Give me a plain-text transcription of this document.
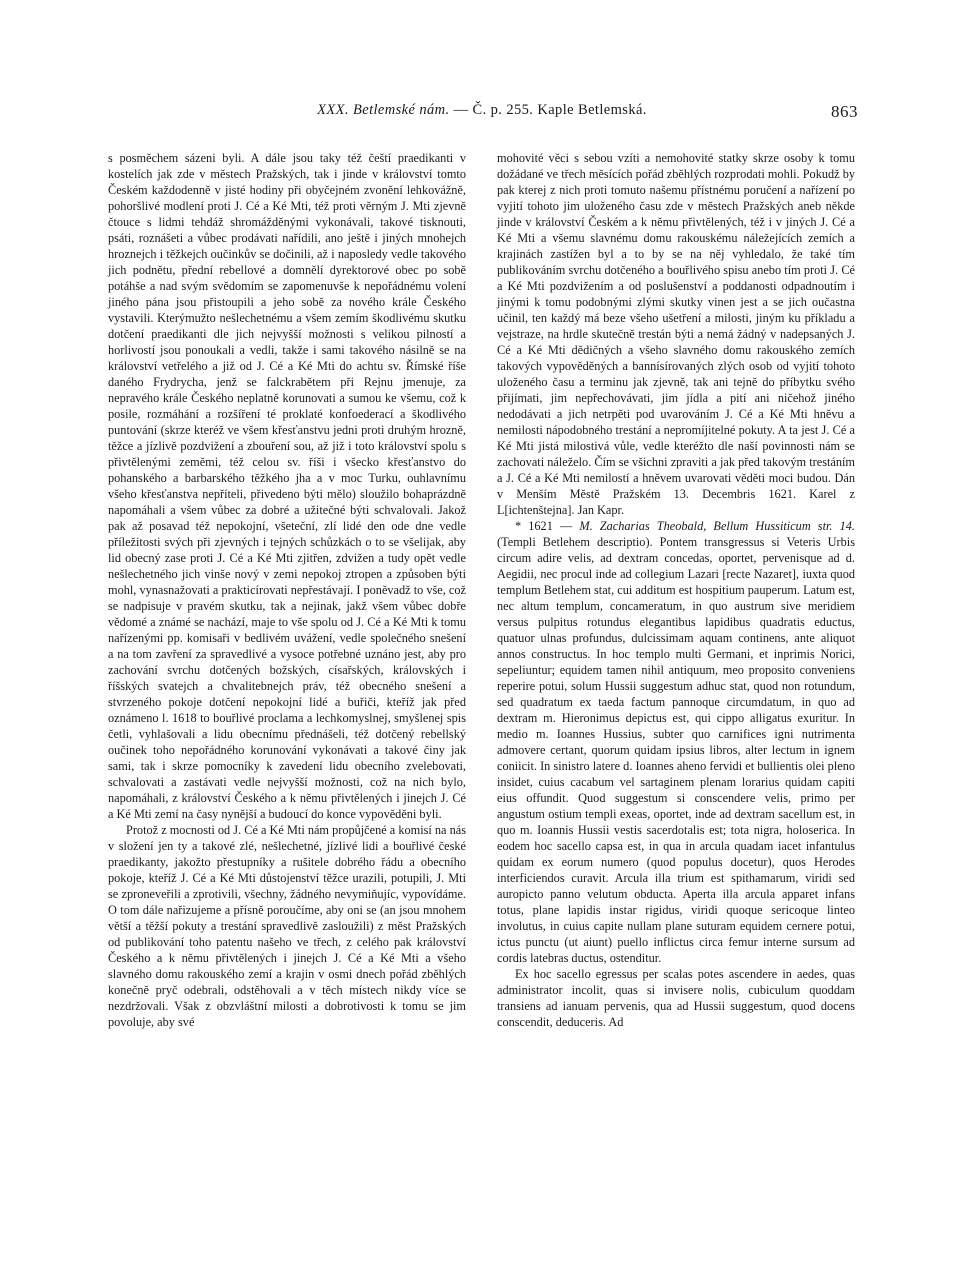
XXX. Betlemské nám. — Č. p. 255. Kaple Betlemská.	863

s posměchem sázeni byli. A dále jsou taky též čeští praedikanti v kostelích jak zde v městech Pražských, tak i jinde v království tomto Českém každodenně v jisté hodiny při obyčejném zvonění lehkovážně, pohoršlivé modlení proti J. Cé a Ké Mti, též proti věrným J. Mti zjevně čtouce s lidmi tehdáž shromážděnými vykonávali, takové tisknouti, psáti, roznášeti a vůbec prodávati nařídili, ano ještě i jiných mnohejch hroznejch i těžkejch oučinkův se dočinili, až i naposledy vedle takového jich podnětu, přední rebellové a domnělí dyrektorové obec po sobě potáhše a nad svým svědomím se zapomenuvše k nepořádnému volení jiného pána jsou přistoupili a jeho sobě za nového krále Českého vystavili. Kterýmužto nešlechetnému a všem zemím škodlivému skutku dotčení praedikanti dle jich nejvyšší možnosti s velikou pilností a horlivostí jsou ponoukali a vedli, takže i sami takového násilně se na království vetřelého a již od J. Cé a Ké Mti do achtu sv. Římské říše daného Frydrycha, jenž se falckrabětem při Rejnu jmenuje, za nepravého krále Českého neplatně korunovati a sumou ke všemu, což k posile, rozmáhání a rozšíření té proklaté konfoederací a škodlivého puntování (skrze kteréž ve všem křesťanstvu jedni proti druhým hrozně, těžce a jízlivě pozdvižení a zbouření sou, až již i toto království spolu s přivtělenými zeměmi, též celou sv. říši i všecko křesťanstvo do pohanského a barbarského těžkého jha a v moc Turku, ouhlavnímu všeho křesťanstva nepříteli, přivedeno býti mělo) sloužilo bohaprázdně napomáhali a všem vůbec za dobré a užitečné býti schvalovali. Jakož pak až posavad též nepokojní, všeteční, zlí lidé den ode dne vedle příležitosti svých při zjevných i tejných schůzkách o to se všelijak, aby lid obecný zase proti J. Cé a Ké Mti zjitřen, zdvižen a tudy opět vedle nešlechetného jich vinše nový v zemi nepokoj ztropen a způsoben býti mohl, vynasnažovati a prakticírovati nepřestávají. I poněvadž to vše, což se nadpisuje v pravém skutku, tak a nejinak, jakž všem vůbec dobře vědomé a známé se nachází, maje to vše spolu od J. Cé a Ké Mti k tomu nařízenými pp. komisaři v bedlivém uvážení, vedle společného snešení a na tom zavření za spravedlivé a vysoce potřebné uznáno jest, aby pro zachování svrchu dotčených božských, císařských, královských i říšských svatejch a chvalitebnejch práv, též obecného snešení a stvrzeného pokoje dotčení nepokojní lidé a buřiči, kteříž jak před oznámeno l. 1618 to bouřlivé proclama a lechkomyslnej, smyšlenej spis četli, vyhlašovali a lidu obecnímu přednášeli, též dotčený rebellský oučinek toho nepořádného korunování vykonávati a takové činy jak sami, tak i skrze pomocníky k zavedení lidu obecního zvelebovati, schvalovati a zastávati vedle nejvyšší možnosti, což na nich bylo, napomáhali, z království Českého a k němu přivtělených i jinejch J. Cé a Ké Mti zemí na časy nynější a budoucí do konce vypověděni byli.

Protož z mocnosti od J. Cé a Ké Mti nám propůjčené a komisí na nás v složení jen ty a takové zlé, nešlechetné, jízlivé lidi a bouřlivé české praedikanty, jakožto přestupníky a rušitele dobrého řádu a obecního pokoje, kteříž J. Cé a Ké Mti důstojenství těžce urazili, potupili, J. Mti se zproneveřili a zprotivili, všechny, žádného nevymiňujíc, vypovídáme. O tom dále nařizujeme a přísně poroučíme, aby oni se (an jsou mnohem větší a těžší pokuty a trestání spravedlivě zasloužili) z měst Pražských od publikování toho patentu našeho ve třech, z celého pak království Českého a k němu přivtělených i jinejch J. Cé a Ké Mti a všeho slavného domu rakouského zemí a krajin v osmi dnech pořád zběhlých konečně pryč odebrali, odstěhovali a v těch místech nikdy více se nezdržovali. Však z obzvláštní milosti a dobrotivosti k tomu se jim povoluje, aby své

mohovité věci s sebou vzíti a nemohovité statky skrze osoby k tomu dožádané ve třech měsících pořád zběhlých rozprodati mohli. Pokudž by pak kterej z nich proti tomuto našemu přístnému poručení a nařízení po vyjití tohoto jim uloženého času zde v městech Pražských aneb někde jinde v království Českém a k němu přivtělených, též i v jiných J. Cé a Ké Mti a všemu slavnému domu rakouskému náležejících zemích a krajinách zastížen byl a to by se na něj vyhledalo, že také tím publikováním svrchu dotčeného a bouřlivého spisu anebo tím proti J. Cé a Ké Mti pozdvižením a od poslušenství a poddanosti odpadnoutím i jinými k tomu podobnými zlými skutky vinen jest a se jich oučastna učinil, ten každý má beze všeho ušetření a milosti, jiným ku příkladu a vejstraze, na hrdle skutečně trestán býti a nemá žádný v nadepsaných J. Cé a Ké Mti dědičných a všeho slavného domu rakouského zemích takových vypověděných a bannísírovaných zlých osob od vyjití tohoto uloženého času a terminu jak zjevně, tak ani tejně do příbytku svého přijímati, jim nepřechovávati, jim jídla a pití ani ničehož jiného nedodávati a jich netrpěti pod uvarováním J. Cé a Ké Mti hněvu a nemilosti nápodobného trestání a nepromíjitelné pokuty. A ta jest J. Cé a Ké Mti jistá milostivá vůle, vedle kteréžto dle naší povinnosti nám se zachovati náleželo. Čím se všichni zpraviti a jak před takovým trestáním a J. Cé a Ké Mti nemilostí a hněvem uvarovati věděti moci budou. Dán v Menším Městě Pražském 13. Decembris 1621. Karel z L[ichtenštejna]. Jan Kapr.

* 1621 — M. Zacharias Theobald, Bellum Hussiticum str. 14. (Templi Betlehem descriptio). Pontem transgressus si Veteris Urbis circum adire velis, ad dextram concedas, oportet, pervenisque ad d. Aegidii, nec procul inde ad collegium Lazari [recte Nazaret], iuxta quod templum Betlehem stat, cui additum est hospitium pauperum. Latum est, nec altum templum, concameratum, in quo austrum sive meridiem versus pulpitus rotundus elegantibus lapidibus quadratis eductus, quatuor ulnas profundus, dulcissimam aquam continens, ante aliquot annos constructus. In hoc templo multi Germani, et inprimis Norici, sepeliuntur; equidem tamen nihil antiquum, meo proposito conveniens reperire potui, solum Hussii suggestum adhuc stat, quod non rotundum, sed quadratum ex taeda factum pannoque circumdatum, in quo ad dextram m. Hieronimus depictus est, qui cippo alligatus exuritur. In medio m. Ioannes Hussius, subter quo carnifices igni nutrimenta admovere certant, quorum quidam ipsius libros, alter lectum in ignem coniicit. In sinistro latere d. Ioannes aheno fervidi et bullientis olei pleno insidet, cuius cacabum vel sartaginem plenam lorarius quidam capiti eius offundit. Quod suggestum si conscendere velis, primo per angustum ostium templi exeas, oportet, inde ad dextram sacellum est, in quo m. Ioannis Hussii vestis sacerdotalis est; tota nigra, holoserica. In eodem hoc sacello capsa est, in qua in arcula quadam iacet infantulus quidam ex eorum numero (quod populus docetur), quos Herodes interficiendos curavit. Arcula illa trium est spithamarum, viridi sed auropicto panno velutum obducta. Aperta illa arcula apparet infans totus, plane lapidis instar rigidus, viridi quoque sericoque linteo involutus, in cuius capite nullam plane suturam equidem cernere potui, ictus punctu (ut aiunt) puello inflictus circa femur interne sursum ad cordis latebras ductus, ostenditur.

Ex hoc sacello egressus per scalas potes ascendere in aedes, quas administrator incolit, quas si invisere nolis, cubiculum quoddam transiens ad ianuam pervenis, qua ad Hussii suggestum, quod docens conscendit, deduceris. Ad
